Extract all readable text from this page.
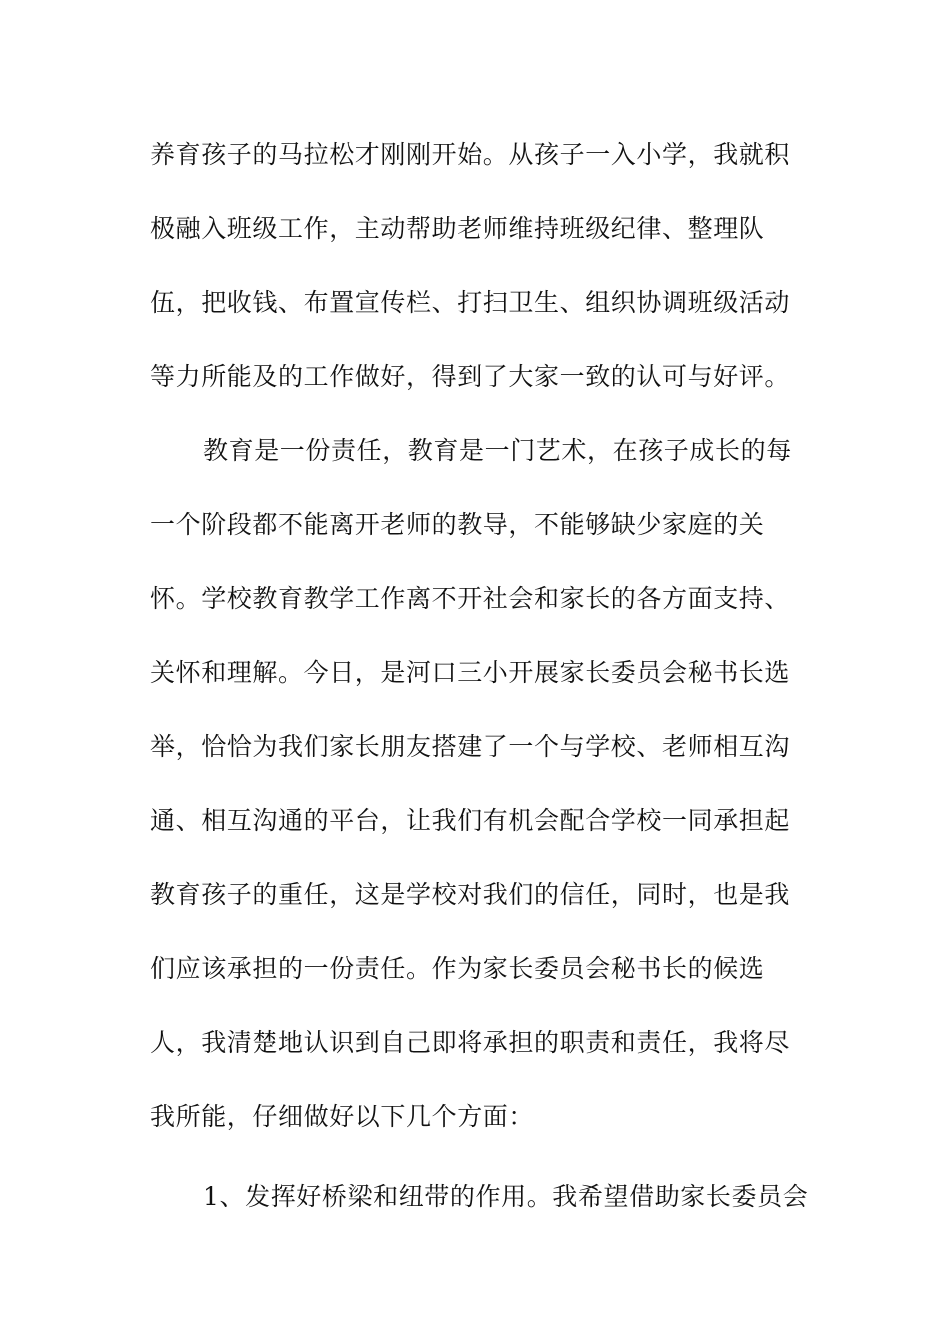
养育孩子的马拉松才刚刚开始。从孩子一入小学，我就积
极融入班级工作，主动帮助老师维持班级纪律、整理队
伍，把收钱、布置宣传栏、打扫卫生、组织协调班级活动
等力所能及的工作做好，得到了大家一致的认可与好评。
教育是一份责任，教育是一门艺术，在孩子成长的每
一个阶段都不能离开老师的教导，不能够缺少家庭的关
怀。学校教育教学工作离不开社会和家长的各方面支持、
关怀和理解。今日，是河口三小开展家长委员会秘书长选
举，恰恰为我们家长朋友搭建了一个与学校、老师相互沟
通、相互沟通的平台，让我们有机会配合学校一同承担起
教育孩子的重任，这是学校对我们的信任，同时，也是我
们应该承担的一份责任。作为家长委员会秘书长的候选
人，我清楚地认识到自己即将承担的职责和责任，我将尽
我所能，仔细做好以下几个方面：
1、发挥好桥梁和纽带的作用。我希望借助家长委员会
